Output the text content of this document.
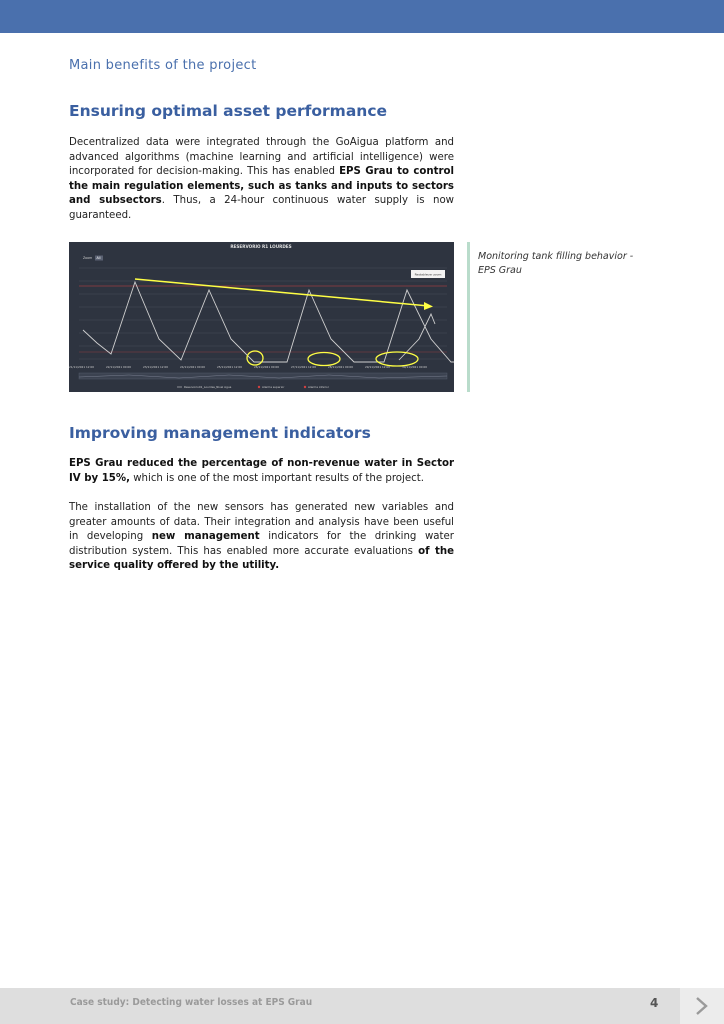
Main benefits of the project
Ensuring optimal asset performance
Decentralized data were integrated through the GoAigua platform and advanced algorithms (machine learning and artificial intelligence) were incorporated for decision-making. This has enabled EPS Grau to control the main regulation elements, such as tanks and inputs to sectors and subsectors. Thus, a 24-hour continuous water supply is now guaranteed.
RESERVORIO R1 LOURDES
Zoom All
Restablecer zoom
21/11/2021 12:00	22/11/2021 00:00	23/11/2021 12:00	24/11/2021 00:00	25/11/2021 12:00	26/11/2021 00:00	27/11/2021 12:00	28/11/2021 00:00	29/11/2021 12:00	30/11/2021 00:00
Reservorio01_Lourdes_Nivel Agua	Alarma superior	Alarma inferior
Monitoring tank filling behavior - EPS Grau
Improving management indicators
EPS Grau reduced the percentage of non-revenue water in Sector IV by 15%, which is one of the most important results of the project.
The installation of the new sensors has generated new variables and greater amounts of data. Their integration and analysis have been useful in developing new management indicators for the drinking water distribution system. This has enabled more accurate evaluations of the service quality offered by the utility.
Case study: Detecting water losses at EPS Grau	4
